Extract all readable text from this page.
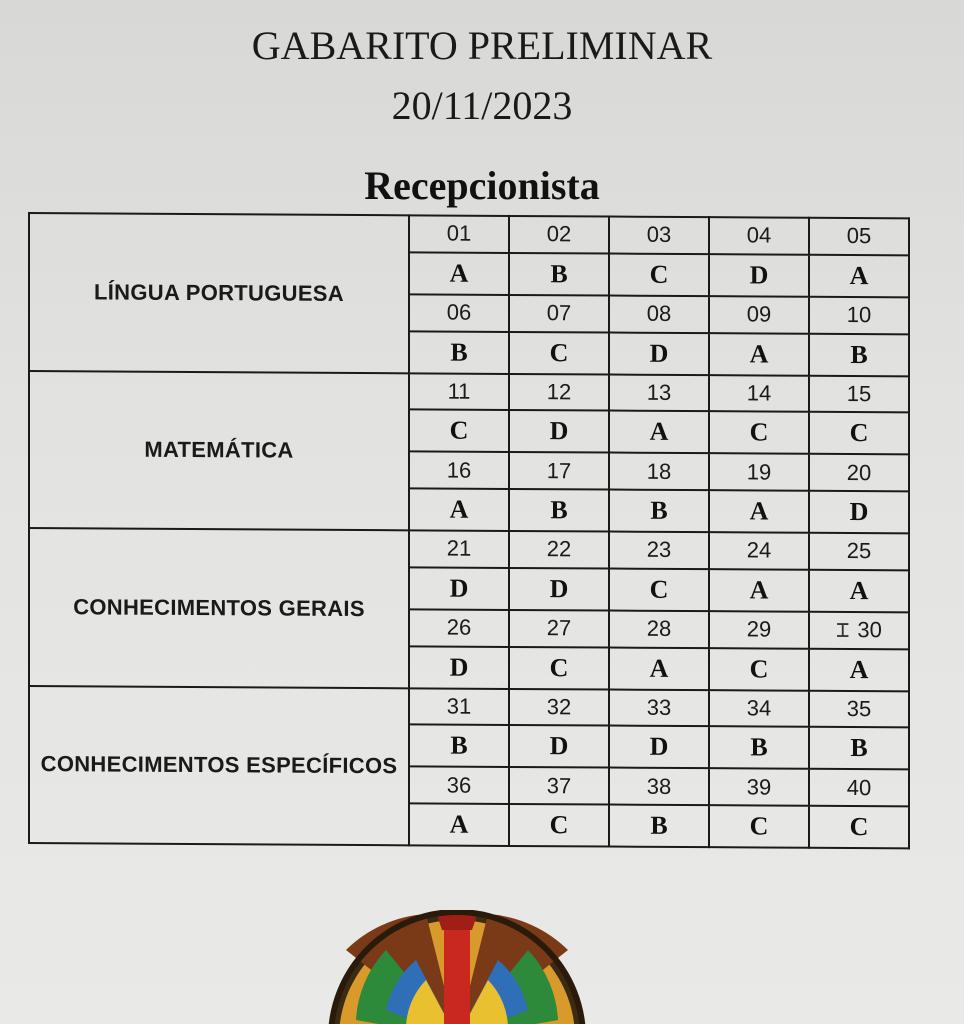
GABARITO PRELIMINAR
20/11/2023
Recepcionista
LÍNGUA PORTUGUESA	01	02	03	04	05
	A	B	C	D	A
	06	07	08	09	10
	B	C	D	A	B
MATEMÁTICA	11	12	13	14	15
	C	D	A	C	C
	16	17	18	19	20
	A	B	B	A	D
CONHECIMENTOS GERAIS	21	22	23	24	25
	D	D	C	A	A
	26	27	28	29	⌶ 30
	D	C	A	C	A
CONHECIMENTOS ESPECÍFICOS	31	32	33	34	35
	B	D	D	B	B
	36	37	38	39	40
	A	C	B	C	C
